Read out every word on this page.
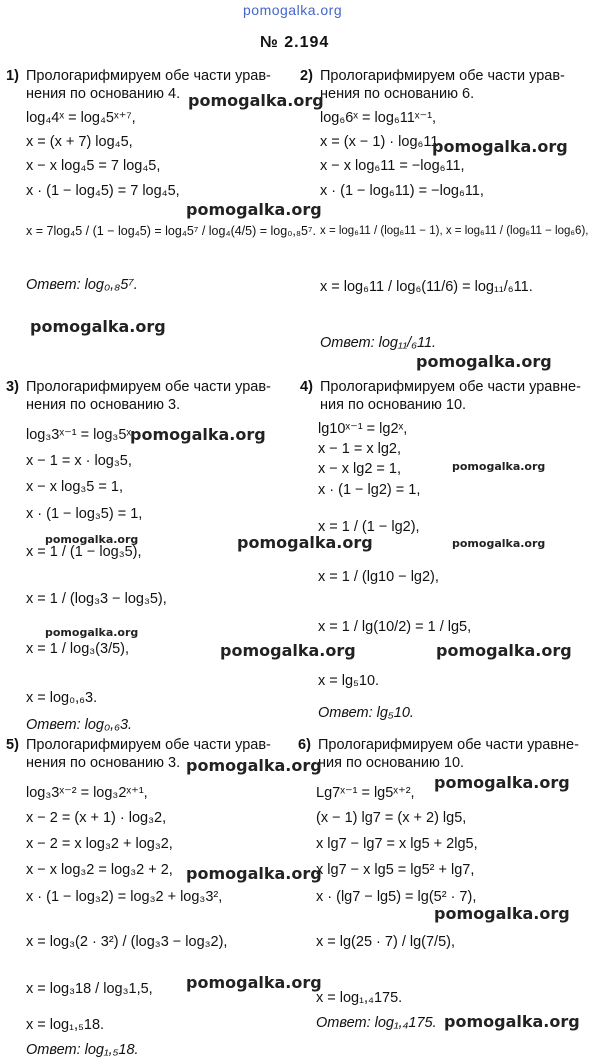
pomogalka.org
№ 2.194
1) Прологарифмируем обе части урав-
нения по основанию 4.
log₄4ˣ = log₄5ˣ⁺⁷,
x = (x + 7) log₄5,
x − x log₄5 = 7 log₄5,
x · (1 − log₄5) = 7 log₄5,
x = 7log₄5 / (1 − log₄5) = log₄5⁷ / log₄(4/5) = log₀,₈5⁷.
Ответ: log₀,₈5⁷.
2) Прологарифмируем обе части урав-
нения по основанию 6.
log₆6ˣ = log₆11ˣ⁻¹,
x = (x − 1) · log₆11,
x − x log₆11 = −log₆11,
x · (1 − log₆11) = −log₆11,
x = log₆11 / (log₆11 − 1), x = log₆11 / (log₆11 − log₆6),
x = log₆11 / log₆(11/6) = log₁₁/₆11.
Ответ: log₁₁/₆11.
3) Прологарифмируем обе части урав-
нения по основанию 3.
log₃3ˣ⁻¹ = log₃5ˣ,
x − 1 = x · log₃5,
x − x log₃5 = 1,
x · (1 − log₃5) = 1,
x = 1 / (1 − log₃5),
x = 1 / (log₃3 − log₃5),
x = 1 / log₃(3/5),
x = log₀,₆3.
Ответ: log₀,₆3.
4) Прологарифмируем обе части уравне-
ния по основанию 10.
lg10ˣ⁻¹ = lg2ˣ,
x − 1 = x lg2,
x − x lg2 = 1,
x · (1 − lg2) = 1,
x = 1 / (1 − lg2),
x = 1 / (lg10 − lg2),
x = 1 / lg(10/2) = 1 / lg5,
x = lg₅10.
Ответ: lg₅10.
5) Прологарифмируем обе части урав-
нения по основанию 3.
log₃3ˣ⁻² = log₃2ˣ⁺¹,
x − 2 = (x + 1) · log₃2,
x − 2 = x log₃2 + log₃2,
x − x log₃2 = log₃2 + 2,
x · (1 − log₃2) = log₃2 + log₃3²,
x = log₃(2 · 3²) / (log₃3 − log₃2),
x = log₃18 / log₃1,5,
x = log₁,₅18.
Ответ: log₁,₅18.
6) Прологарифмируем обе части уравне-
ния по основанию 10.
Lg7ˣ⁻¹ = lg5ˣ⁺²,
(x − 1) lg7 = (x + 2) lg5,
x lg7 − lg7 = x lg5 + 2lg5,
x lg7 − x lg5 = lg5² + lg7,
x · (lg7 − lg5) = lg(5² · 7),
x = lg(25 · 7) / lg(7/5),
x = log₁,₄175.
Ответ: log₁,₄175.
pomogalka.org
pomogalka.org
pomogalka.org
pomogalka.org
pomogalka.org
pomogalka.org
pomogalka.org
pomogalka.org	pomogalka.org	pomogalka.org
pomogalka.org
pomogalka.org	pomogalka.org
pomogalka.org
pomogalka.org
pomogalka.org
pomogalka.org
pomogalka.org
pomogalka.org
